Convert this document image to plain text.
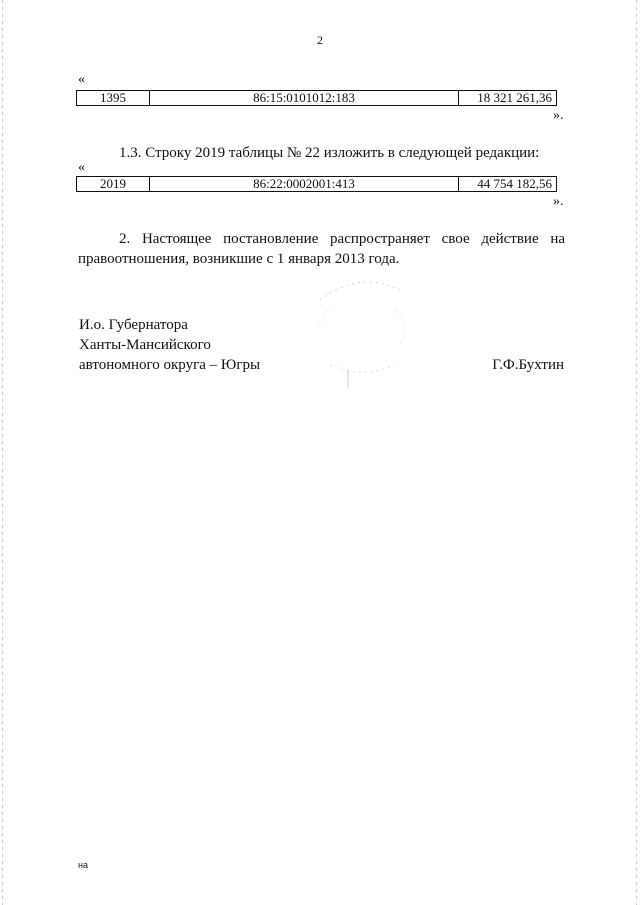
2
«
1395	86:15:0101012:183	18 321 261,36
».
1.3. Строку 2019 таблицы № 22 изложить в следующей редакции:
«
2019	86:22:0002001:413	44 754 182,56
».
2. Настоящее постановление распространяет свое действие на правоотношения, возникшие с 1 января 2013 года.
И.о. Губернатора
Ханты-Мансийского
автономного округа – Югры	Г.Ф.Бухтин
на
